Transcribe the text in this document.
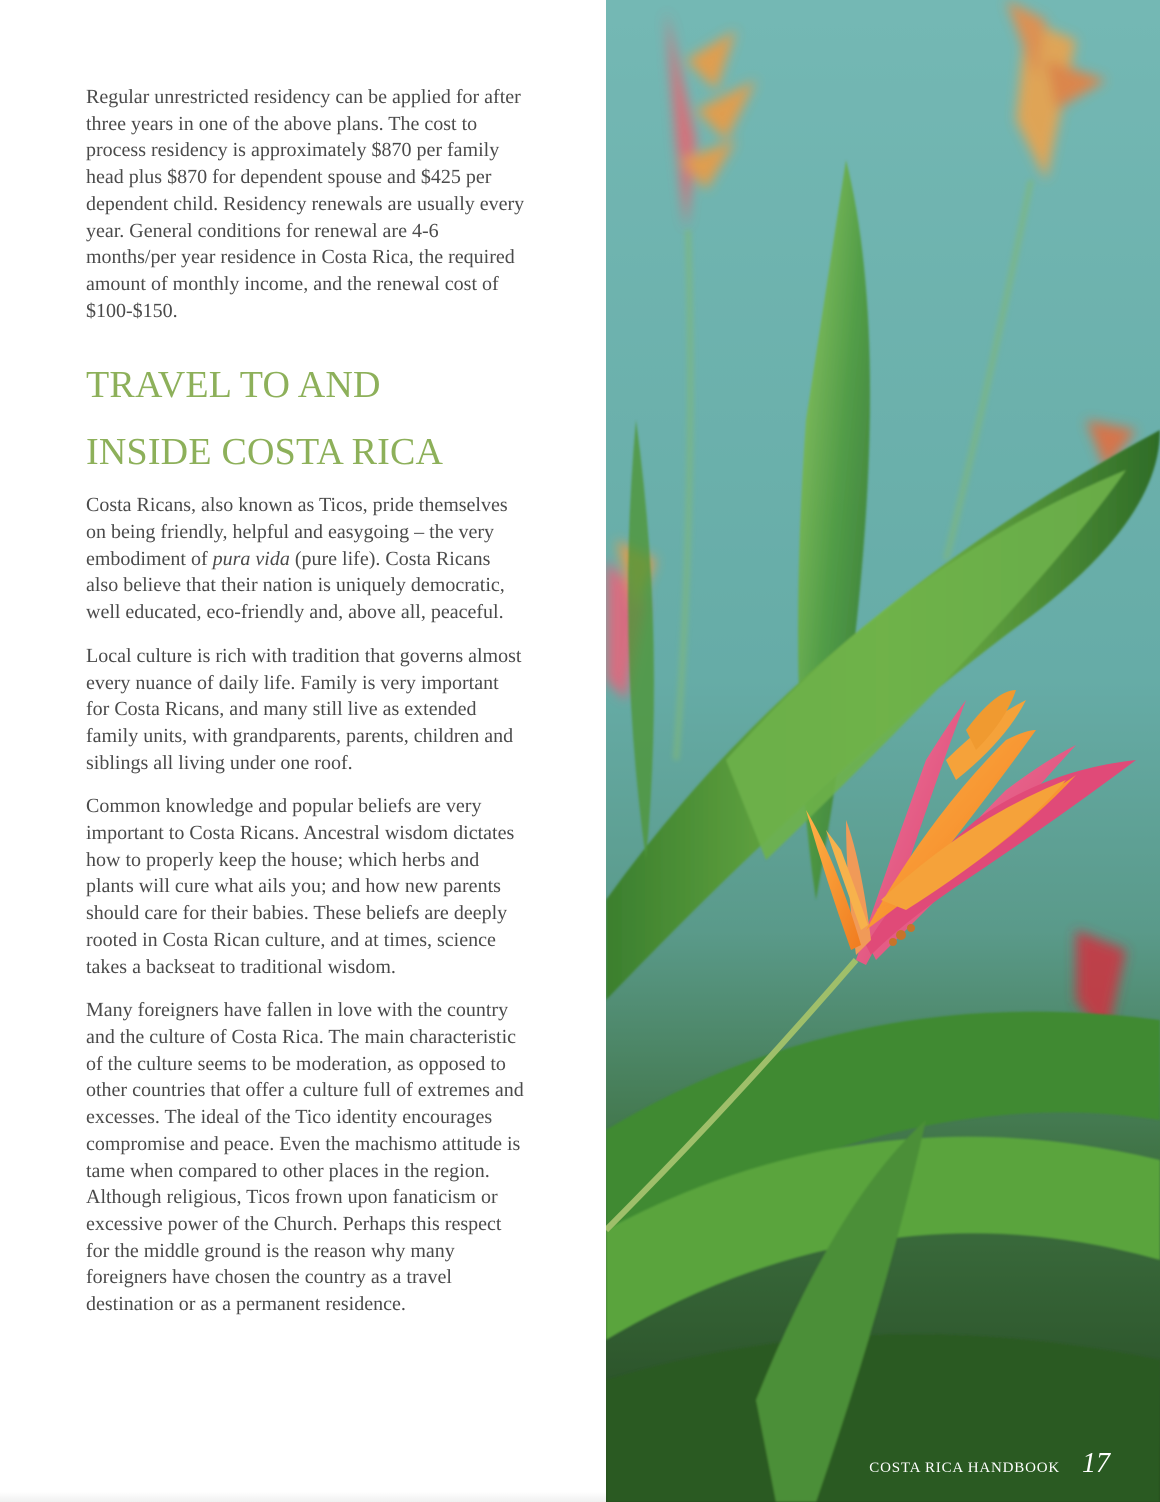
Regular unrestricted residency can be applied for after three years in one of the above plans. The cost to process residency is approximately $870 per family head plus $870 for dependent spouse and $425 per dependent child. Residency renewals are usually every year. General conditions for renewal are 4-6 months/per year residence in Costa Rica, the required amount of monthly income, and the renewal cost of $100-$150.

TRAVEL TO AND
INSIDE COSTA RICA

Costa Ricans, also known as Ticos, pride themselves on being friendly, helpful and easygoing – the very embodiment of pura vida (pure life). Costa Ricans also believe that their nation is uniquely democratic, well educated, eco-friendly and, above all, peaceful.

Local culture is rich with tradition that governs almost every nuance of daily life. Family is very important for Costa Ricans, and many still live as extended family units, with grandparents, parents, children and siblings all living under one roof.

Common knowledge and popular beliefs are very important to Costa Ricans. Ancestral wisdom dictates how to properly keep the house; which herbs and plants will cure what ails you; and how new parents should care for their babies. These beliefs are deeply rooted in Costa Rican culture, and at times, science takes a backseat to traditional wisdom.

Many foreigners have fallen in love with the country and the culture of Costa Rica. The main characteristic of the culture seems to be moderation, as opposed to other countries that offer a culture full of extremes and excesses. The ideal of the Tico identity encourages compromise and peace. Even the machismo attitude is tame when compared to other places in the region. Although religious, Ticos frown upon fanaticism or excessive power of the Church. Perhaps this respect for the middle ground is the reason why many foreigners have chosen the country as a travel destination or as a permanent residence.

COSTA RICA HANDBOOK 17
